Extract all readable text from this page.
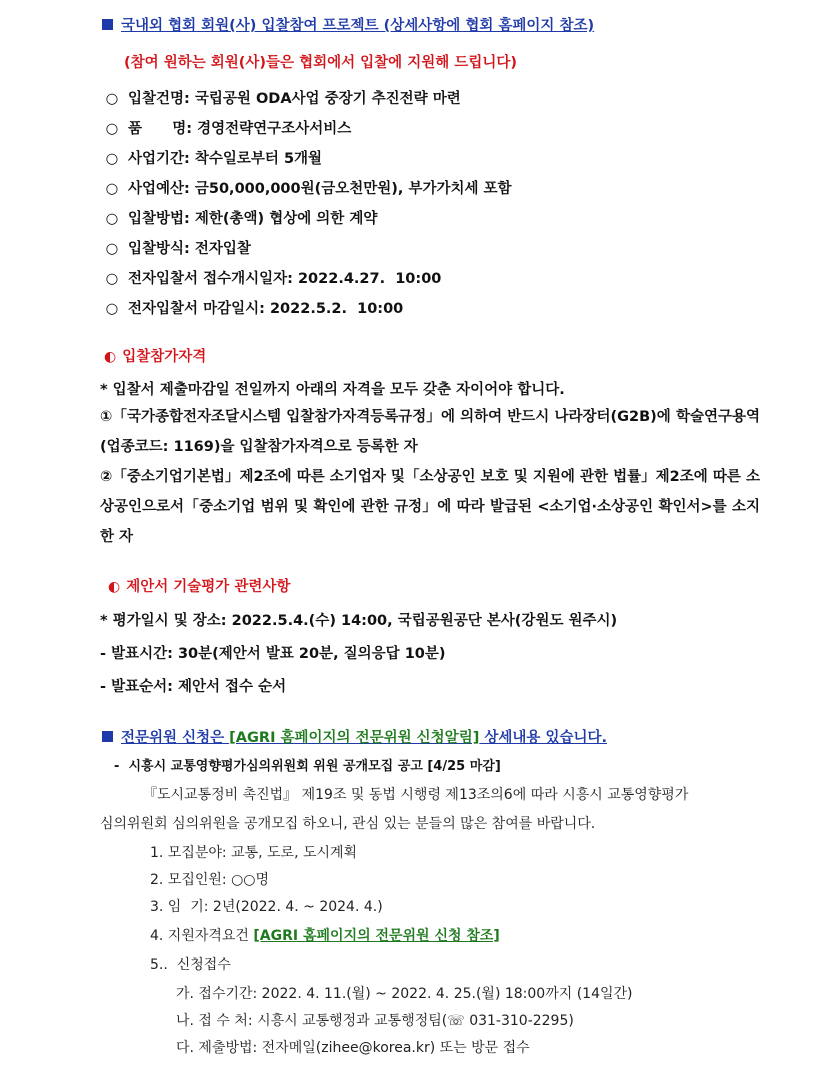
국내외 협회 회원(사) 입찰참여 프로젝트 (상세사항에 협회 홈페이지 참조)
(참여 원하는 회원(사)들은 협회에서 입찰에 지원해 드립니다)
○ 입찰건명: 국립공원 ODA사업 중장기 추진전략 마련
○ 품      명: 경영전략연구조사서비스
○ 사업기간: 착수일로부터 5개월
○ 사업예산: 금50,000,000원(금오천만원), 부가가치세 포함
○ 입찰방법: 제한(총액) 협상에 의한 계약
○ 입찰방식: 전자입찰
○ 전자입찰서 접수개시일자: 2022.4.27.  10:00
○ 전자입찰서 마감일시: 2022.5.2.  10:00
◐ 입찰참가자격
* 입찰서 제출마감일 전일까지 아래의 자격을 모두 갖춘 자이어야 합니다.
①「국가종합전자조달시스템 입찰참가자격등록규정」에 의하여 반드시 나라장터(G2B)에 학술연구용역(업종코드: 1169)을 입찰참가자격으로 등록한 자
②「중소기업기본법」제2조에 따른 소기업자 및「소상공인 보호 및 지원에 관한 법률」제2조에 따른 소상공인으로서「중소기업 범위 및 확인에 관한 규정」에 따라 발급된 <소기업·소상공인 확인서>를 소지한 자
◐ 제안서 기술평가 관련사항
* 평가일시 및 장소: 2022.5.4.(수) 14:00, 국립공원공단 본사(강원도 원주시)
- 발표시간: 30분(제안서 발표 20분, 질의응답 10분)
- 발표순서: 제안서 접수 순서
전문위원 신청은 [AGRI 홈페이지의 전문위원 신청알림] 상세내용 있습니다.
-  시흥시 교통영향평가심의위원회 위원 공개모집 공고 [4/25 마감]
『도시교통정비 촉진법』 제19조 및 동법 시행령 제13조의6에 따라 시흥시 교통영향평가
심의위원회 심의위원을 공개모집 하오니, 관심 있는 분들의 많은 참여를 바랍니다.
1. 모집분야: 교통, 도로, 도시계획
2. 모집인원: ○○명
3. 임  기: 2년(2022. 4. ~ 2024. 4.)
4. 지원자격요건 [AGRI 홈페이지의 전문위원 신청 참조]
5..  신청접수
가. 접수기간: 2022. 4. 11.(월) ~ 2022. 4. 25.(월) 18:00까지 (14일간)
나. 접 수 처: 시흥시 교통행정과 교통행정팀(☏ 031-310-2295)
다. 제출방법: 전자메일(zihee@korea.kr) 또는 방문 접수
